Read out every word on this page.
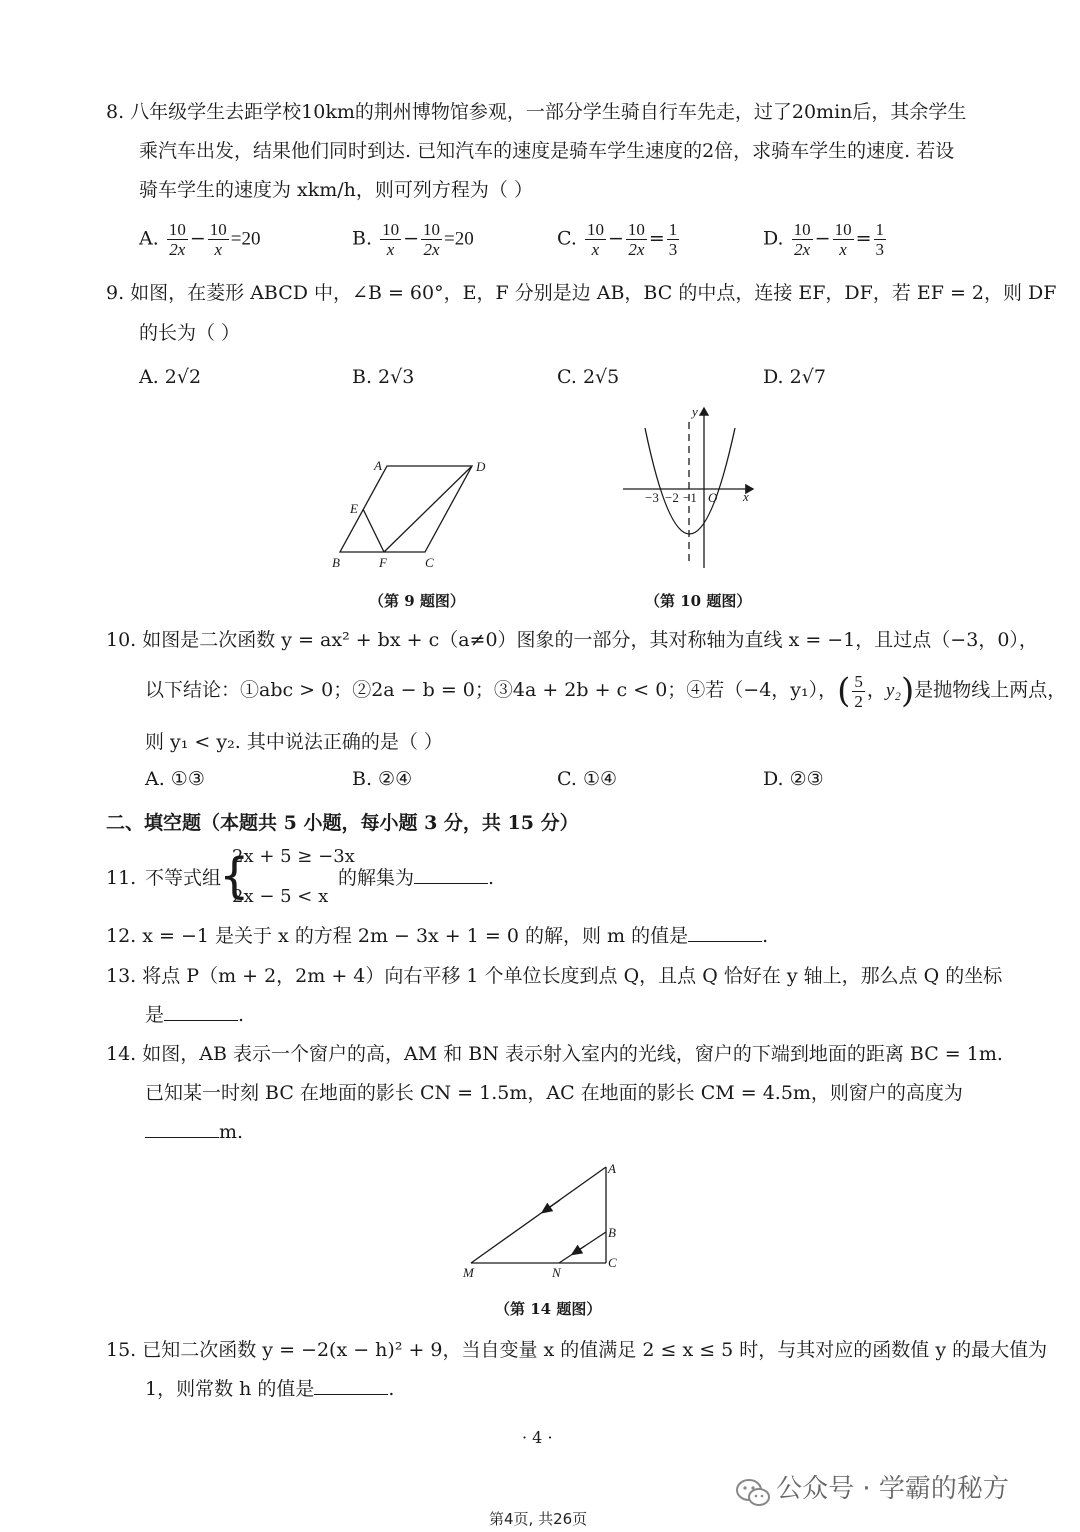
8. 八年级学生去距学校10km的荆州博物馆参观，一部分学生骑自行车先走，过了20min后，其余学生
乘汽车出发，结果他们同时到达. 已知汽车的速度是骑车学生速度的2倍，求骑车学生的速度. 若设
骑车学生的速度为 xkm/h，则可列方程为（ ）
A. $\frac{10}{2x} - \frac{10}{x} =20$	B. $\frac{10}{x} - \frac{10}{2x} =20$	C. $\frac{10}{x} - \frac{10}{2x} = \frac{1}{3}$	D. $\frac{10}{2x} - \frac{10}{x} = \frac{1}{3}$
9. 如图，在菱形 ABCD 中，∠B = 60°，E，F 分别是边 AB，BC 的中点，连接 EF，DF，若 EF = 2，则 DF
的长为（ ）
A. 2√2	B. 2√3	C. 2√5	D. 2√7
A	D
E
B	F	C
（第 9 题图）
y
x
−3 −2 −1 O
（第 10 题图）
10. 如图是二次函数 y = ax² + bx + c（a≠0）图象的一部分，其对称轴为直线 x = −1，且过点（−3，0），
以下结论：①abc > 0；②2a − b = 0；③4a + 2b + c < 0；④若（−4，y₁），( $\frac{5}{2}$ ，y₂)是抛物线上两点，
则 y₁ < y₂. 其中说法正确的是（ ）
A. ①③	B. ②④	C. ①④	D. ②③
二、填空题（本题共 5 小题，每小题 3 分，共 15 分）
11. 不等式组
{
2x + 5 ≥ −3x
2x − 5 < x
的解集为	.
12. x = −1 是关于 x 的方程 2m − 3x + 1 = 0 的解，则 m 的值是	.
13. 将点 P（m + 2，2m + 4）向右平移 1 个单位长度到点 Q，且点 Q 恰好在 y 轴上，那么点 Q 的坐标
是	.
14. 如图，AB 表示一个窗户的高，AM 和 BN 表示射入室内的光线，窗户的下端到地面的距离 BC = 1m.
已知某一时刻 BC 在地面的影长 CN = 1.5m，AC 在地面的影长 CM = 4.5m，则窗户的高度为
m.
A
B
C
M	N
（第 14 题图）
15. 已知二次函数 y = −2(x − h)² + 9，当自变量 x 的值满足 2 ≤ x ≤ 5 时，与其对应的函数值 y 的最大值为
1，则常数 h 的值是	.
· 4 ·
公众号 · 学霸的秘方
第4页, 共26页
